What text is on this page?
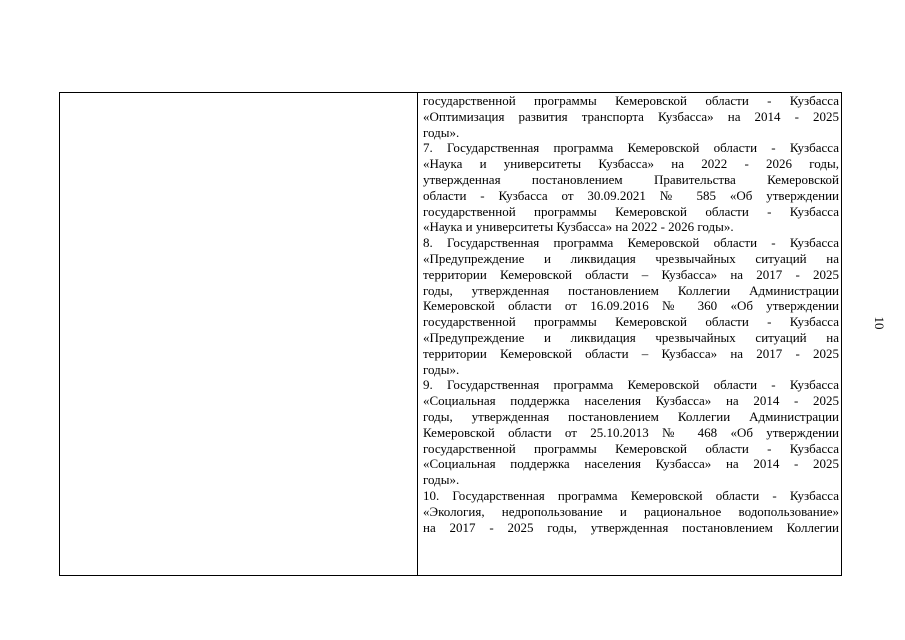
государственной программы Кемеровской области - Кузбасса
«Оптимизация развития транспорта Кузбасса» на 2014 - 2025
годы».
7. Государственная программа Кемеровской области - Кузбасса
«Наука и университеты Кузбасса» на 2022 - 2026 годы,
утвержденная постановлением Правительства Кемеровской
области - Кузбасса от 30.09.2021 № 585 «Об утверждении
государственной программы Кемеровской области - Кузбасса
«Наука и университеты Кузбасса» на 2022 - 2026 годы».
8. Государственная программа Кемеровской области - Кузбасса
«Предупреждение и ликвидация чрезвычайных ситуаций на
территории Кемеровской области – Кузбасса» на 2017 - 2025
годы, утвержденная постановлением Коллегии Администрации
Кемеровской области от 16.09.2016 № 360 «Об утверждении
государственной программы Кемеровской области - Кузбасса
«Предупреждение и ликвидация чрезвычайных ситуаций на
территории Кемеровской области – Кузбасса» на 2017 - 2025
годы».
9. Государственная программа Кемеровской области - Кузбасса
«Социальная поддержка населения Кузбасса» на 2014 - 2025
годы, утвержденная постановлением Коллегии Администрации
Кемеровской области от 25.10.2013 № 468 «Об утверждении
государственной программы Кемеровской области - Кузбасса
«Социальная поддержка населения Кузбасса» на 2014 - 2025
годы».
10. Государственная программа Кемеровской области - Кузбасса
«Экология, недропользование и рациональное водопользование»
на 2017 - 2025 годы, утвержденная постановлением Коллегии
10
